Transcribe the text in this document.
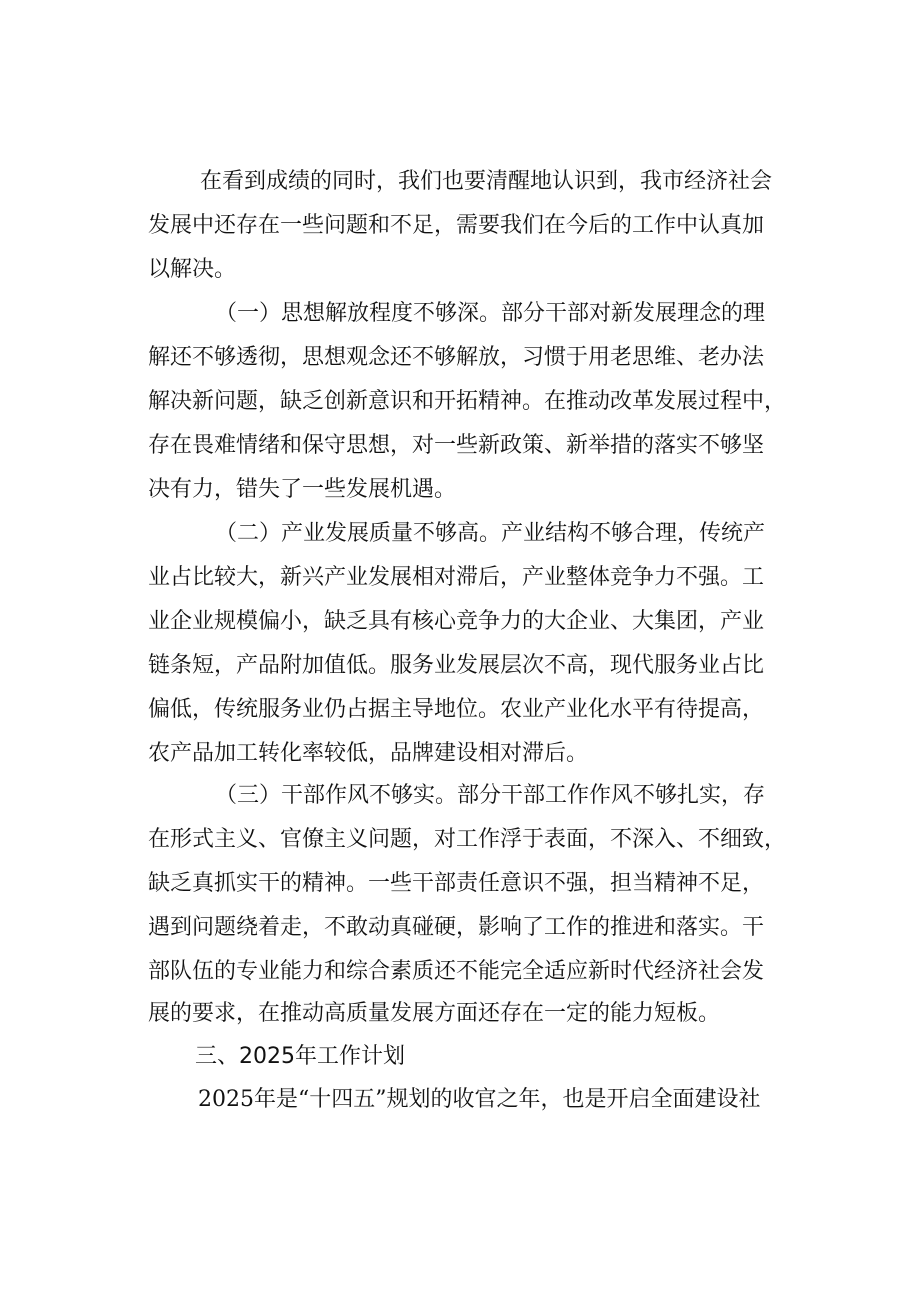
在看到成绩的同时，我们也要清醒地认识到，我市经济社会
发展中还存在一些问题和不足，需要我们在今后的工作中认真加
以解决。
（一）思想解放程度不够深。部分干部对新发展理念的理
解还不够透彻，思想观念还不够解放，习惯于用老思维、老办法
解决新问题，缺乏创新意识和开拓精神。在推动改革发展过程中，
存在畏难情绪和保守思想，对一些新政策、新举措的落实不够坚
决有力，错失了一些发展机遇。
（二）产业发展质量不够高。产业结构不够合理，传统产
业占比较大，新兴产业发展相对滞后，产业整体竞争力不强。工
业企业规模偏小，缺乏具有核心竞争力的大企业、大集团，产业
链条短，产品附加值低。服务业发展层次不高，现代服务业占比
偏低，传统服务业仍占据主导地位。农业产业化水平有待提高，
农产品加工转化率较低，品牌建设相对滞后。
（三）干部作风不够实。部分干部工作作风不够扎实，存
在形式主义、官僚主义问题，对工作浮于表面，不深入、不细致，
缺乏真抓实干的精神。一些干部责任意识不强，担当精神不足，
遇到问题绕着走，不敢动真碰硬，影响了工作的推进和落实。干
部队伍的专业能力和综合素质还不能完全适应新时代经济社会发
展的要求，在推动高质量发展方面还存在一定的能力短板。
三、2025年工作计划
2025年是“十四五”规划的收官之年，也是开启全面建设社
